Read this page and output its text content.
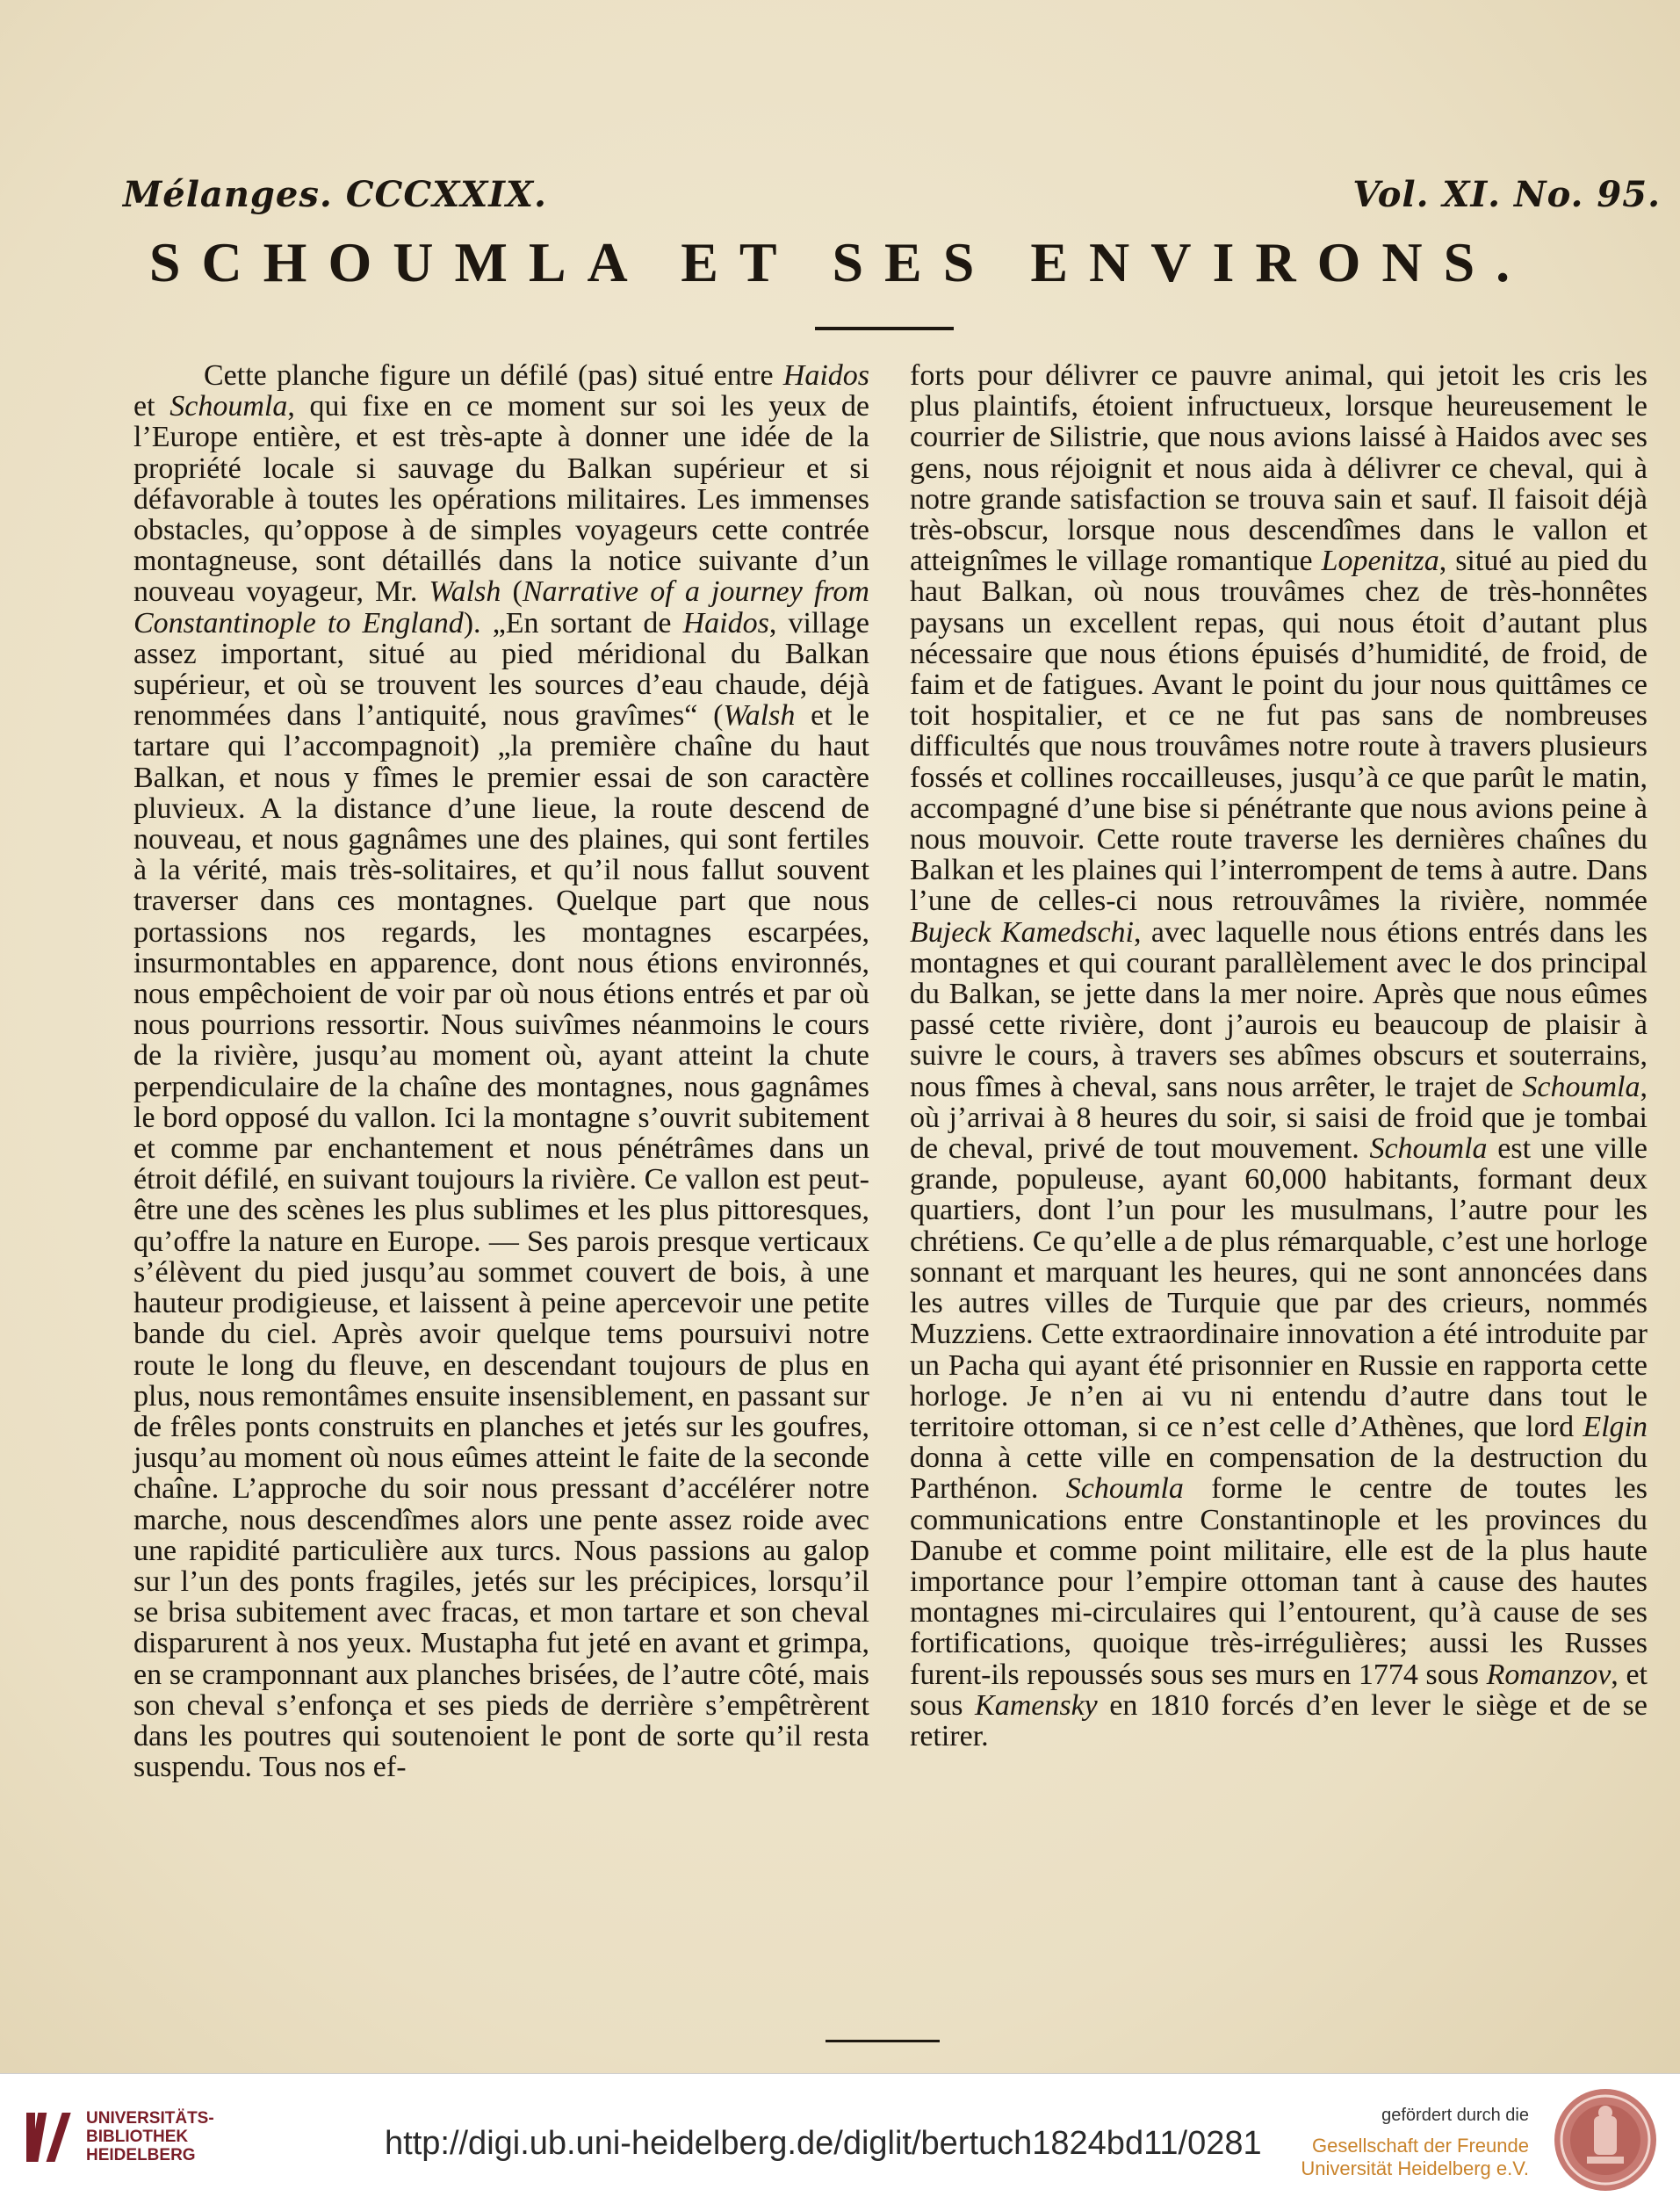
Mélanges. CCCXXIX.	Vol. XI. No. 95.
SCHOUMLA ET SES ENVIRONS.
Cette planche figure un défilé (pas) situé entre Haidos et Schoumla, qui fixe en ce moment sur soi les yeux de l’Europe entière, et est très-apte à donner une idée de la propriété locale si sauvage du Balkan supérieur et si défavorable à toutes les opérations militaires. Les immenses obstacles, qu’oppose à de simples voyageurs cette contrée montagneuse, sont détaillés dans la notice suivante d’un nouveau voyageur, Mr. Walsh (Narrative of a journey from Constantinople to England). „En sortant de Haidos, village assez important, situé au pied méridional du Balkan supérieur, et où se trouvent les sources d’eau chaude, déjà renommées dans l’antiquité, nous gravîmes“ (Walsh et le tartare qui l’accompagnoit) „la première chaîne du haut Balkan, et nous y fîmes le premier essai de son caractère pluvieux. A la distance d’une lieue, la route descend de nouveau, et nous gagnâmes une des plaines, qui sont fertiles à la vérité, mais très-solitaires, et qu’il nous fallut souvent traverser dans ces montagnes. Quelque part que nous portassions nos regards, les montagnes escarpées, insurmontables en apparence, dont nous étions environnés, nous empêchoient de voir par où nous étions entrés et par où nous pourrions ressortir. Nous suivîmes néanmoins le cours de la rivière, jusqu’au moment où, ayant atteint la chute perpendiculaire de la chaîne des montagnes, nous gagnâmes le bord opposé du vallon. Ici la montagne s’ouvrit subitement et comme par enchantement et nous pénétrâmes dans un étroit défilé, en suivant toujours la rivière. Ce vallon est peut-être une des scènes les plus sublimes et les plus pittoresques, qu’offre la nature en Europe. — Ses parois presque verticaux s’élèvent du pied jusqu’au sommet couvert de bois, à une hauteur prodigieuse, et laissent à peine apercevoir une petite bande du ciel. Après avoir quelque tems poursuivi notre route le long du fleuve, en descendant toujours de plus en plus, nous remontâmes ensuite insensiblement, en passant sur de frêles ponts construits en planches et jetés sur les goufres, jusqu’au moment où nous eûmes atteint le faite de la seconde chaîne. L’approche du soir nous pressant d’accélérer notre marche, nous descendîmes alors une pente assez roide avec une rapidité particulière aux turcs. Nous passions au galop sur l’un des ponts fragiles, jetés sur les précipices, lorsqu’il se brisa subitement avec fracas, et mon tartare et son cheval disparurent à nos yeux. Mustapha fut jeté en avant et grimpa, en se cramponnant aux planches brisées, de l’autre côté, mais son cheval s’enfonça et ses pieds de derrière s’empêtrèrent dans les poutres qui soutenoient le pont de sorte qu’il resta suspendu. Tous nos ef-
forts pour délivrer ce pauvre animal, qui jetoit les cris les plus plaintifs, étoient infructueux, lorsque heureusement le courrier de Silistrie, que nous avions laissé à Haidos avec ses gens, nous réjoignit et nous aida à délivrer ce cheval, qui à notre grande satisfaction se trouva sain et sauf. Il faisoit déjà très-obscur, lorsque nous descendîmes dans le vallon et atteignîmes le village romantique Lopenitza, situé au pied du haut Balkan, où nous trouvâmes chez de très-honnêtes paysans un excellent repas, qui nous étoit d’autant plus nécessaire que nous étions épuisés d’humidité, de froid, de faim et de fatigues. Avant le point du jour nous quittâmes ce toit hospitalier, et ce ne fut pas sans de nombreuses difficultés que nous trouvâmes notre route à travers plusieurs fossés et collines roccailleuses, jusqu’à ce que parût le matin, accompagné d’une bise si pénétrante que nous avions peine à nous mouvoir. Cette route traverse les dernières chaînes du Balkan et les plaines qui l’interrompent de tems à autre. Dans l’une de celles-ci nous retrouvâmes la rivière, nommée Bujeck Kamedschi, avec laquelle nous étions entrés dans les montagnes et qui courant parallèlement avec le dos principal du Balkan, se jette dans la mer noire. Après que nous eûmes passé cette rivière, dont j’aurois eu beaucoup de plaisir à suivre le cours, à travers ses abîmes obscurs et souterrains, nous fîmes à cheval, sans nous arrêter, le trajet de Schoumla, où j’arrivai à 8 heures du soir, si saisi de froid que je tombai de cheval, privé de tout mouvement. Schoumla est une ville grande, populeuse, ayant 60,000 habitants, formant deux quartiers, dont l’un pour les musulmans, l’autre pour les chrétiens. Ce qu’elle a de plus rémarquable, c’est une horloge sonnant et marquant les heures, qui ne sont annoncées dans les autres villes de Turquie que par des crieurs, nommés Muzziens. Cette extraordinaire innovation a été introduite par un Pacha qui ayant été prisonnier en Russie en rapporta cette horloge. Je n’en ai vu ni entendu d’autre dans tout le territoire ottoman, si ce n’est celle d’Athènes, que lord Elgin donna à cette ville en compensation de la destruction du Parthénon. Schoumla forme le centre de toutes les communications entre Constantinople et les provinces du Danube et comme point militaire, elle est de la plus haute importance pour l’empire ottoman tant à cause des hautes montagnes mi-circulaires qui l’entourent, qu’à cause de ses fortifications, quoique très-irrégulières; aussi les Russes furent-ils repoussés sous ses murs en 1774 sous Romanzov, et sous Kamensky en 1810 forcés d’en lever le siège et de se retirer.
UNIVERSITÄTS-
BIBLIOTHEK
HEIDELBERG	http://digi.ub.uni-heidelberg.de/diglit/bertuch1824bd11/0281
gefördert durch die
Gesellschaft der Freunde
Universität Heidelberg e.V.
